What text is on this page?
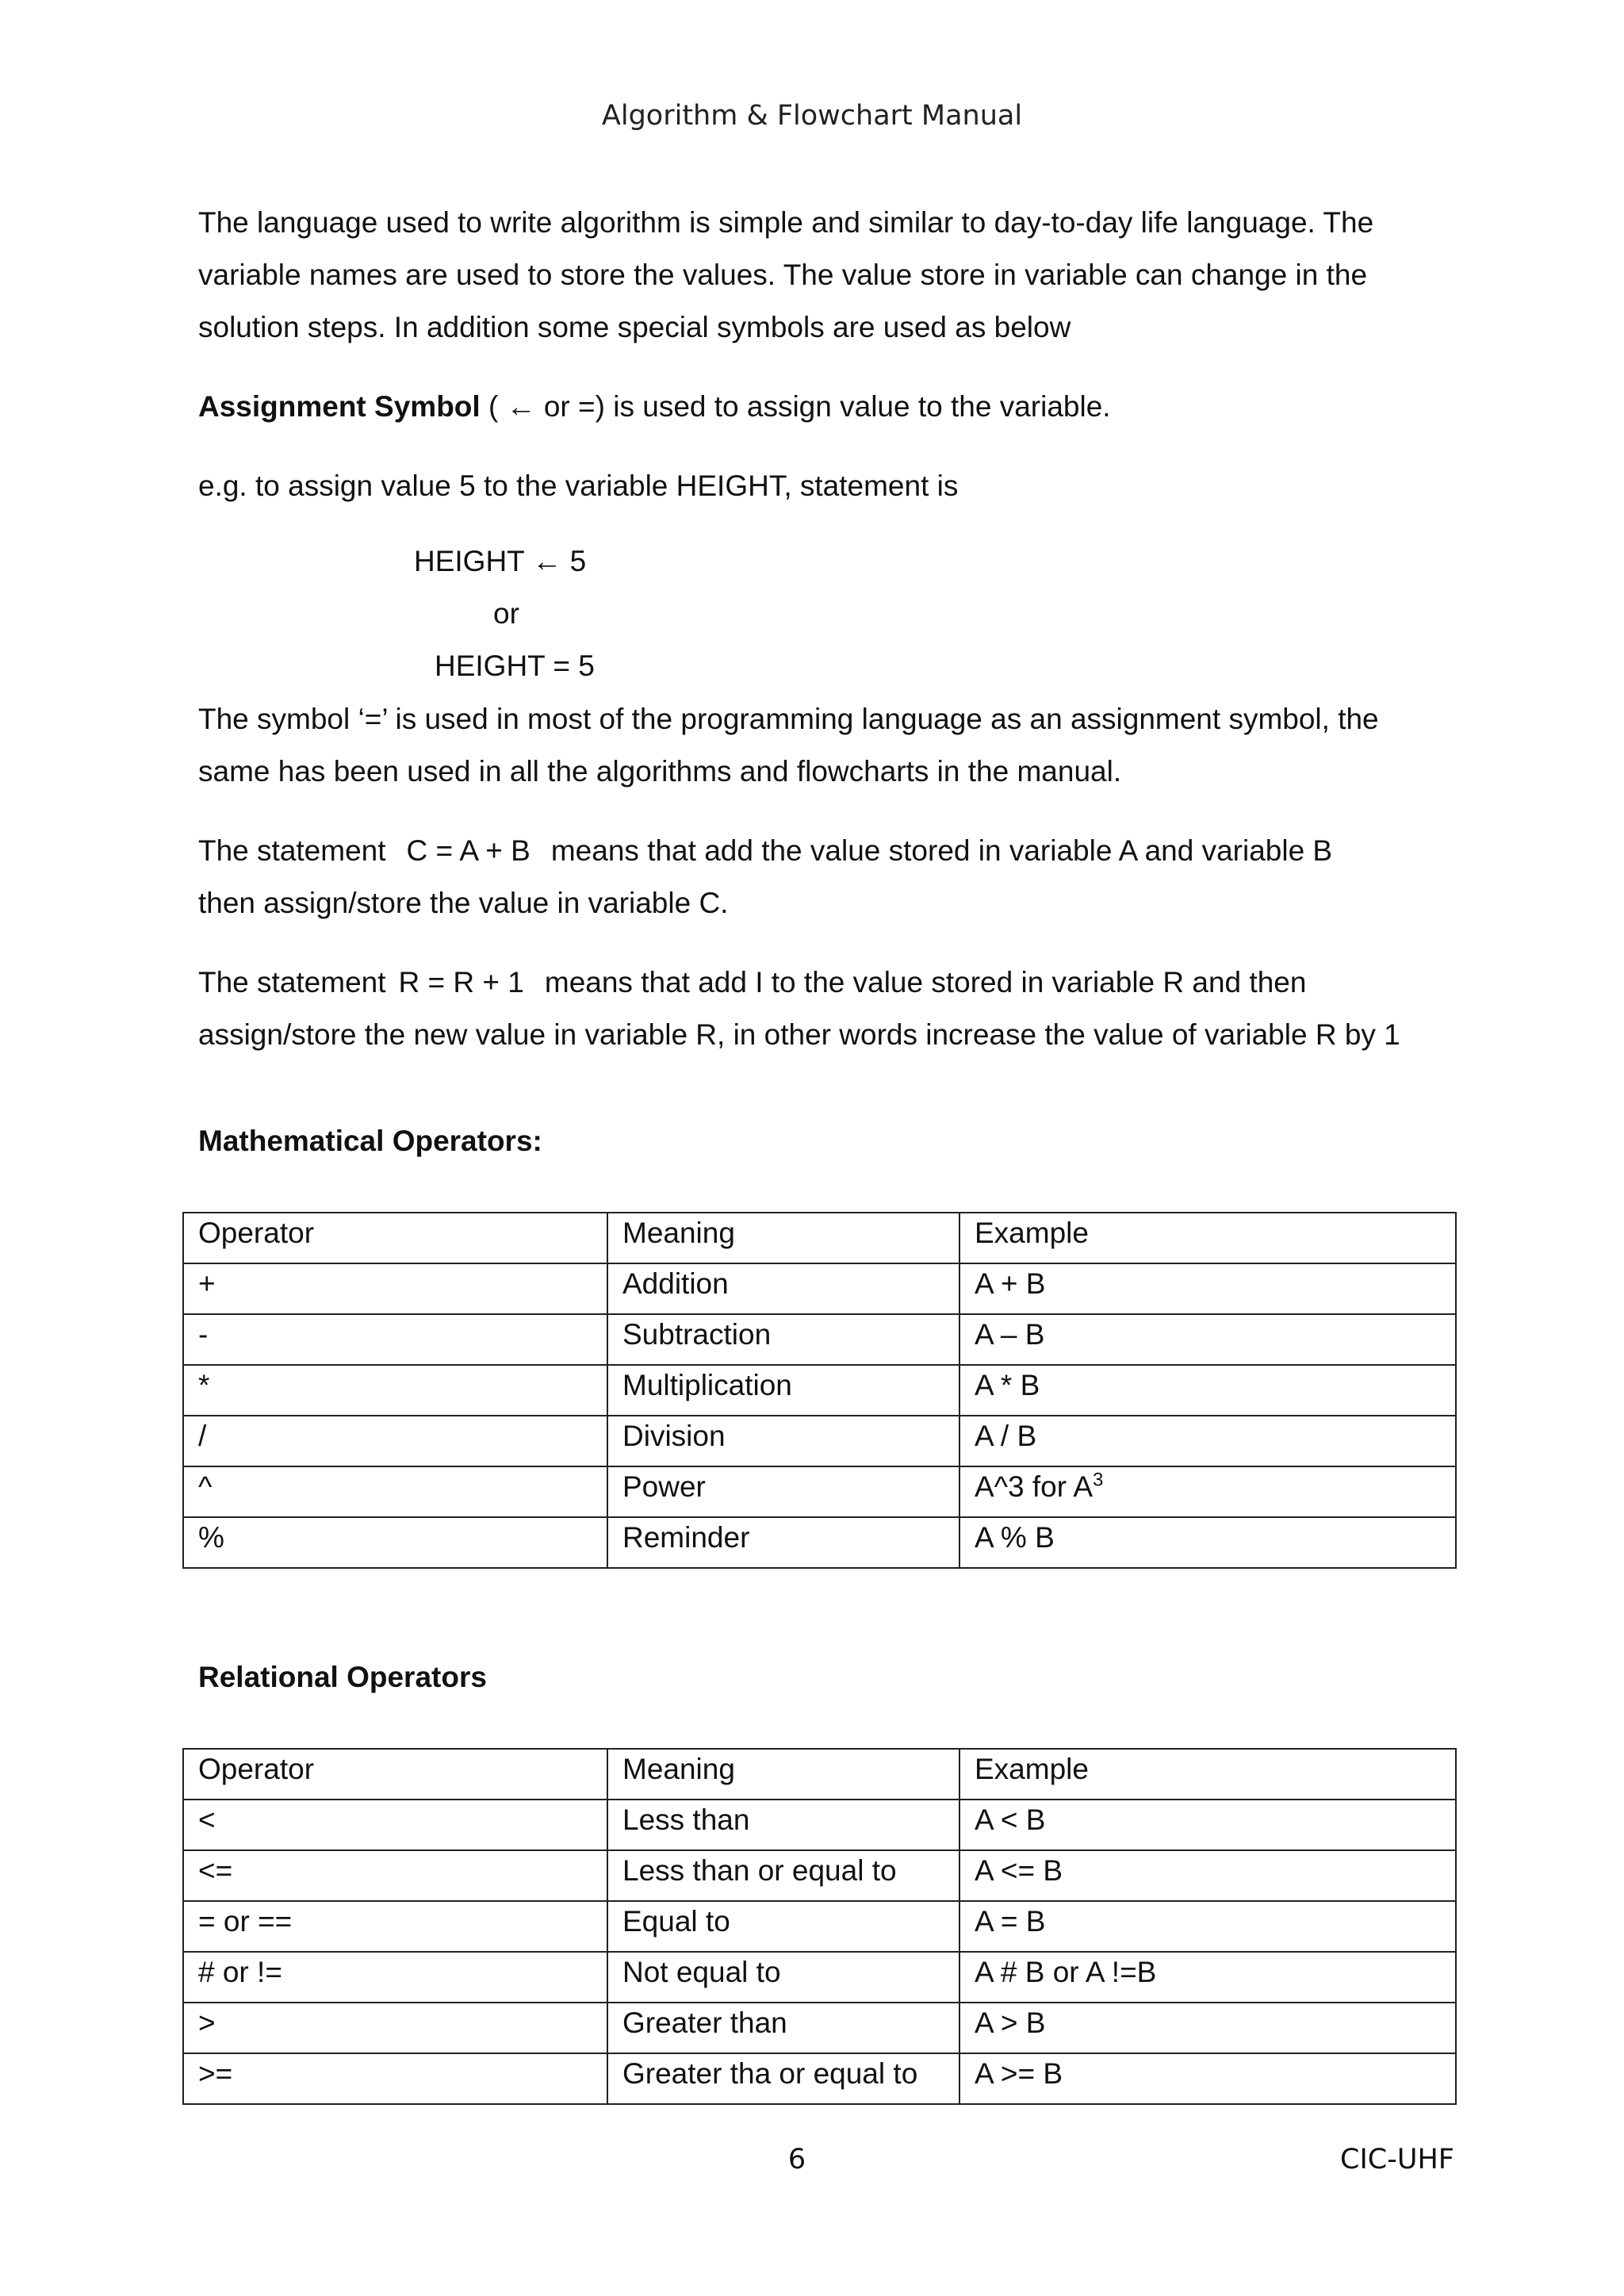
Algorithm & Flowchart Manual

The language used to write algorithm is simple and similar to day-to-day life language. The

variable names are used to store the values. The value store in variable can change in the

solution steps. In addition some special symbols are used as below

Assignment Symbol ( ← or =) is used to assign value to the variable.

e.g. to assign value 5 to the variable HEIGHT, statement is

HEIGHT ← 5

or

HEIGHT = 5

The symbol ‘=’ is used in most of the programming language as an assignment symbol, the

same has been used in all the algorithms and flowcharts in the manual.

The statement C = A + B means that add the value stored in variable A and variable B

then assign/store the value in variable C.

The statement R = R + 1 means that add I to the value stored in variable R and then

assign/store the new value in variable R, in other words increase the value of variable R by 1

Mathematical Operators:
Operator	Meaning	Example
+	Addition	A + B
-	Subtraction	A – B
*	Multiplication	A * B
/	Division	A / B
^	Power	A^3 for $A^3$
%	Reminder	A % B
Relational Operators
Operator	Meaning	Example
<	Less than	A < B
<=	Less than or equal to	A <= B
= or ==	Equal to	A = B
# or !=	Not equal to	A # B or A !=B
>	Greater than	A > B
>=	Greater tha or equal to	A >= B
6	CIC-UHF
